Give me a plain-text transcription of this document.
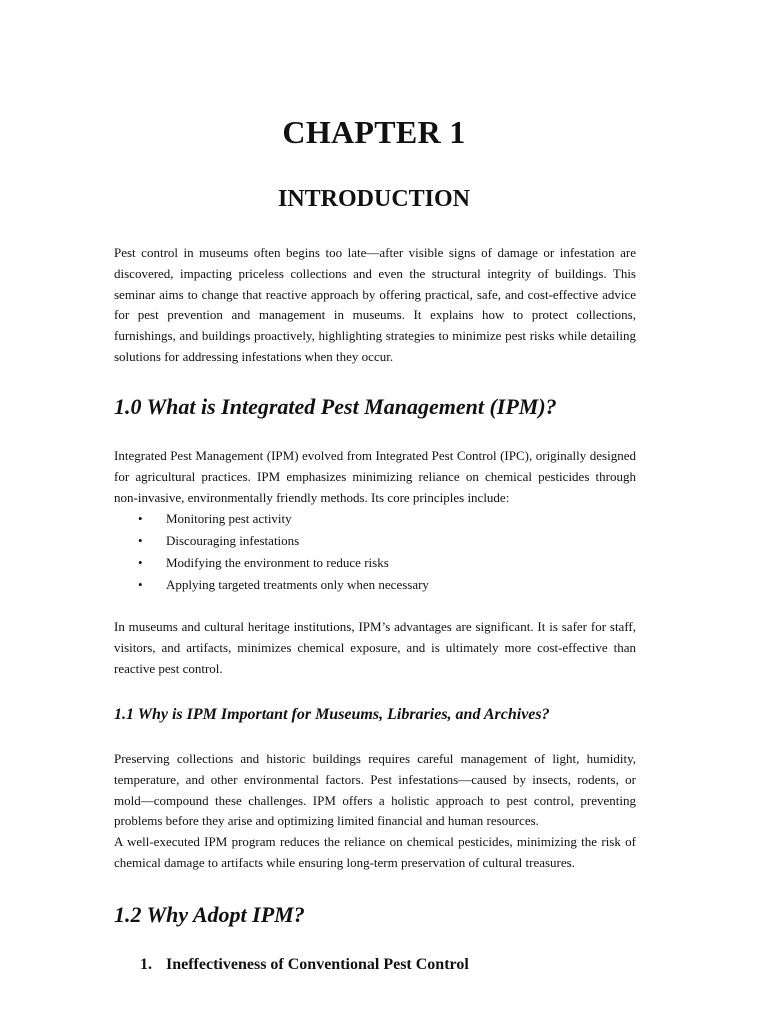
CHAPTER 1
INTRODUCTION

Pest control in museums often begins too late—after visible signs of damage or infestation are
discovered, impacting priceless collections and even the structural integrity of buildings. This
seminar aims to change that reactive approach by offering practical, safe, and cost-effective advice
for pest prevention and management in museums. It explains how to protect collections,
furnishings, and buildings proactively, highlighting strategies to minimize pest risks while detailing
solutions for addressing infestations when they occur.

1.0 What is Integrated Pest Management (IPM)?

Integrated Pest Management (IPM) evolved from Integrated Pest Control (IPC), originally designed
for agricultural practices. IPM emphasizes minimizing reliance on chemical pesticides through
non-invasive, environmentally friendly methods. Its core principles include:

• Monitoring pest activity
• Discouraging infestations
• Modifying the environment to reduce risks
• Applying targeted treatments only when necessary

In museums and cultural heritage institutions, IPM’s advantages are significant. It is safer for staff,
visitors, and artifacts, minimizes chemical exposure, and is ultimately more cost-effective than
reactive pest control.

1.1 Why is IPM Important for Museums, Libraries, and Archives?

Preserving collections and historic buildings requires careful management of light, humidity,
temperature, and other environmental factors. Pest infestations—caused by insects, rodents, or
mold—compound these challenges. IPM offers a holistic approach to pest control, preventing
problems before they arise and optimizing limited financial and human resources.
A well-executed IPM program reduces the reliance on chemical pesticides, minimizing the risk of
chemical damage to artifacts while ensuring long-term preservation of cultural treasures.

1.2 Why Adopt IPM?
1. Ineffectiveness of Conventional Pest Control
